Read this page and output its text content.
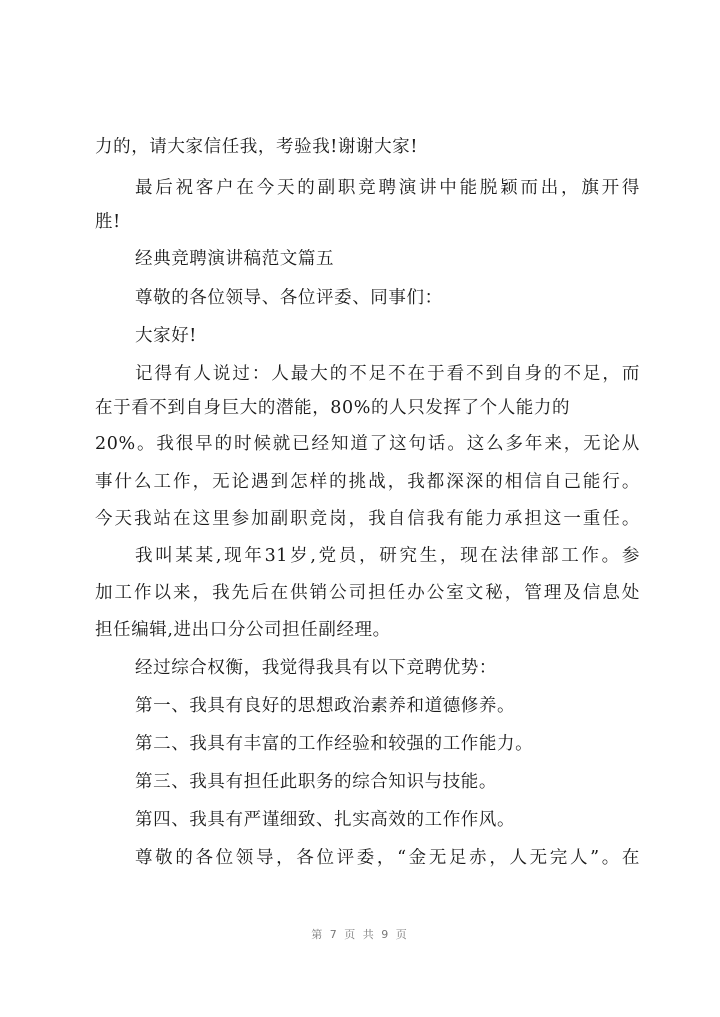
力的，请大家信任我，考验我!谢谢大家!
最后祝客户在今天的副职竞聘演讲中能脱颖而出，旗开得
胜!
经典竞聘演讲稿范文篇五
尊敬的各位领导、各位评委、同事们：
大家好!
记得有人说过：人最大的不足不在于看不到自身的不足，而
在于看不到自身巨大的潜能，80%的人只发挥了个人能力的
20%。我很早的时候就已经知道了这句话。这么多年来，无论从
事什么工作，无论遇到怎样的挑战，我都深深的相信自己能行。
今天我站在这里参加副职竞岗，我自信我有能力承担这一重任。
我叫某某,现年31岁,党员，研究生，现在法律部工作。参
加工作以来，我先后在供销公司担任办公室文秘，管理及信息处
担任编辑,进出口分公司担任副经理。
经过综合权衡，我觉得我具有以下竞聘优势：
第一、我具有良好的思想政治素养和道德修养。
第二、我具有丰富的工作经验和较强的工作能力。
第三、我具有担任此职务的综合知识与技能。
第四、我具有严谨细致、扎实高效的工作作风。
尊敬的各位领导，各位评委，“金无足赤，人无完人”。在
第 7 页 共 9 页
